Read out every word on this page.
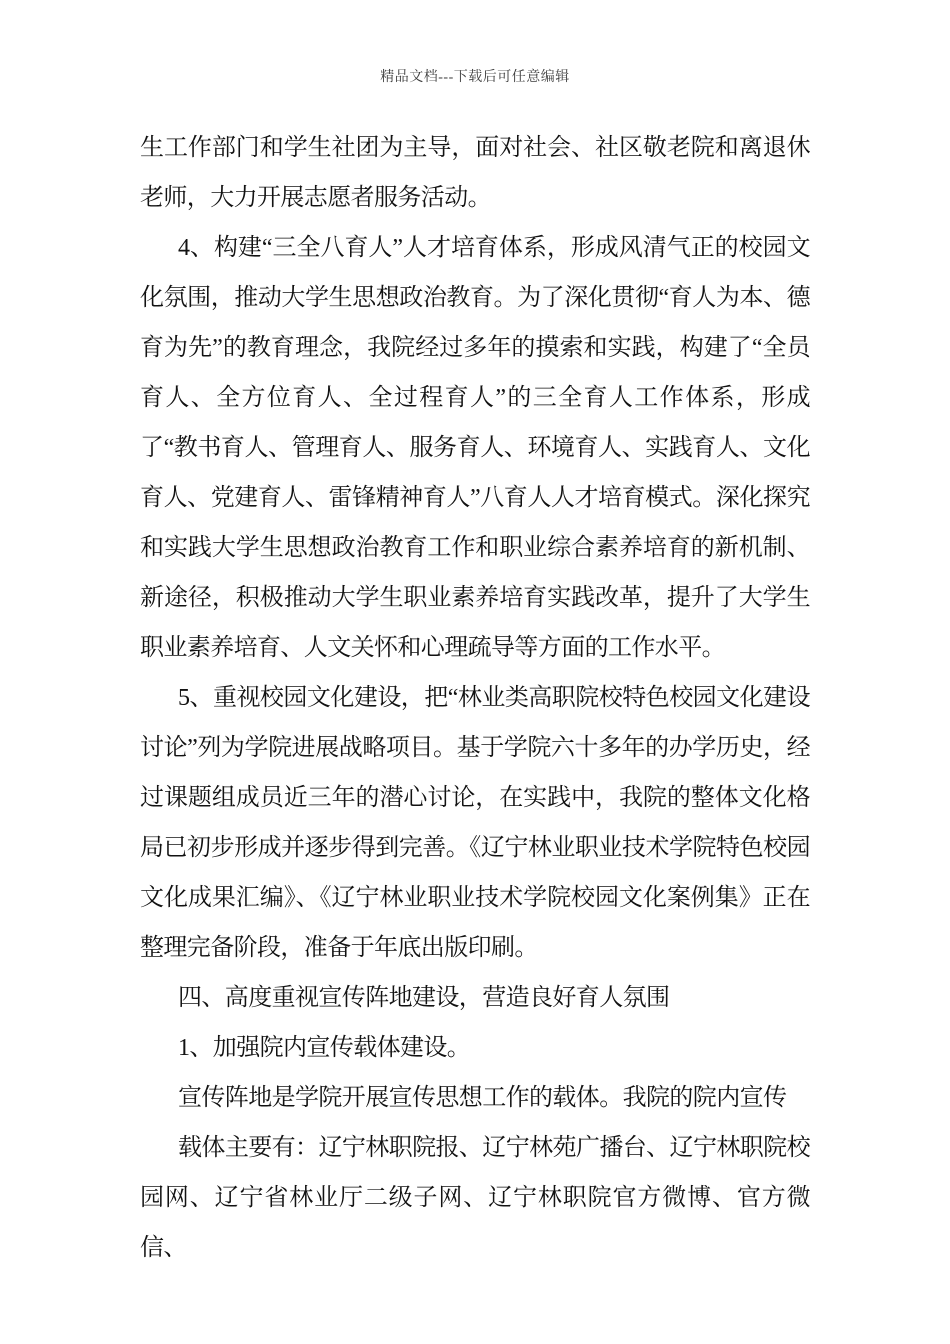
精品文档---下载后可任意编辑

生工作部门和学生社团为主导，面对社会、社区敬老院和离退休老师，大力开展志愿者服务活动。

4、构建“三全八育人”人才培育体系，形成风清气正的校园文化氛围，推动大学生思想政治教育。为了深化贯彻“育人为本、德育为先”的教育理念，我院经过多年的摸索和实践，构建了“全员育人、全方位育人、全过程育人”的三全育人工作体系，形成了“教书育人、管理育人、服务育人、环境育人、实践育人、文化育人、党建育人、雷锋精神育人”八育人人才培育模式。深化探究和实践大学生思想政治教育工作和职业综合素养培育的新机制、新途径，积极推动大学生职业素养培育实践改革，提升了大学生职业素养培育、人文关怀和心理疏导等方面的工作水平。

5、重视校园文化建设，把“林业类高职院校特色校园文化建设讨论”列为学院进展战略项目。基于学院六十多年的办学历史，经过课题组成员近三年的潜心讨论，在实践中，我院的整体文化格局已初步形成并逐步得到完善。《辽宁林业职业技术学院特色校园文化成果汇编》、《辽宁林业职业技术学院校园文化案例集》正在整理完备阶段，准备于年底出版印刷。

四、高度重视宣传阵地建设，营造良好育人氛围

1、加强院内宣传载体建设。

宣传阵地是学院开展宣传思想工作的载体。我院的院内宣传

载体主要有：辽宁林职院报、辽宁林苑广播台、辽宁林职院校园网、辽宁省林业厅二级子网、辽宁林职院官方微博、官方微信、
